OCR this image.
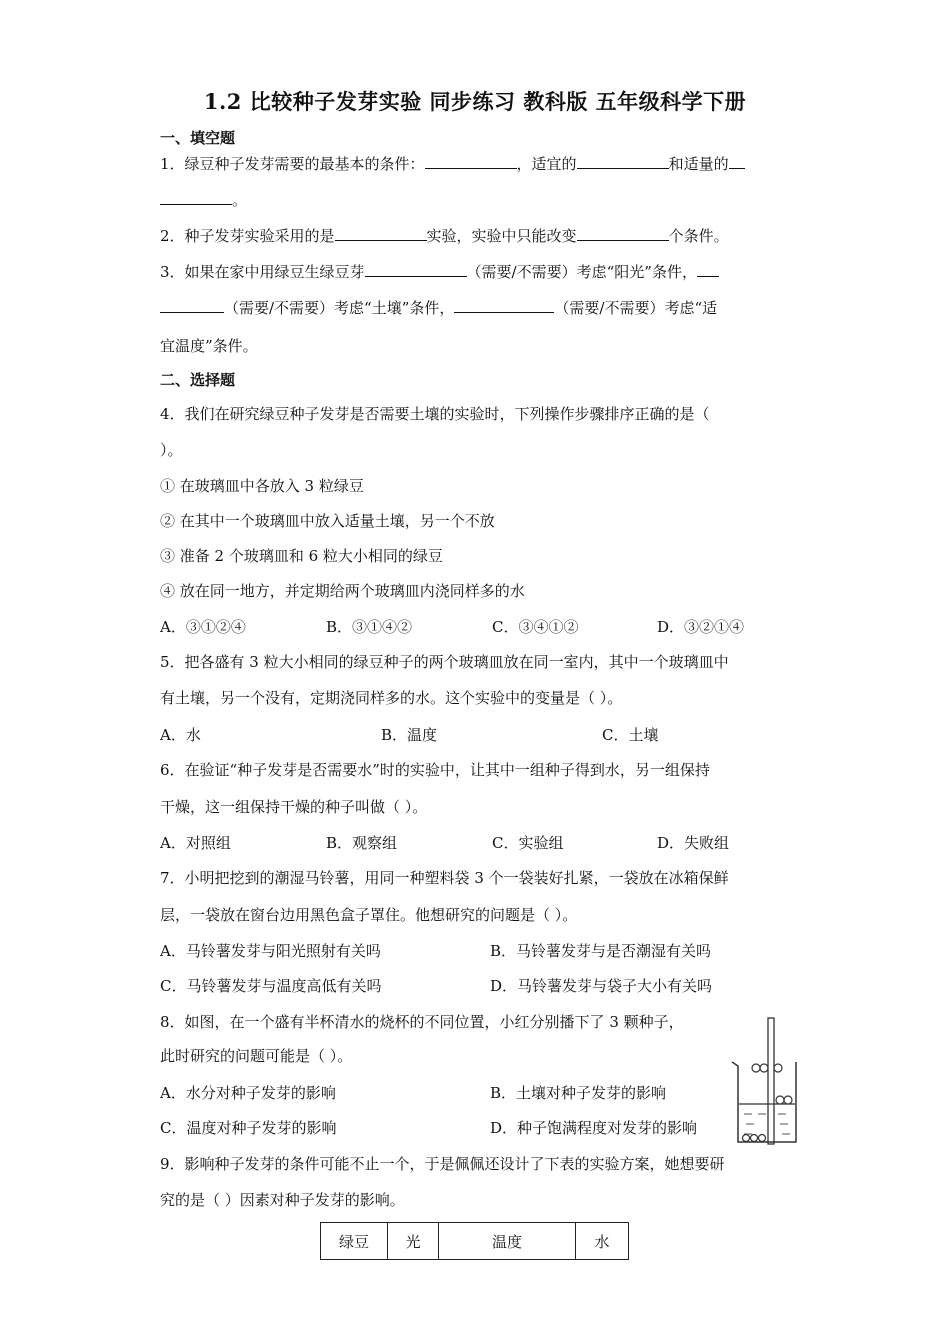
1.2 比较种子发芽实验 同步练习 教科版 五年级科学下册
一、填空题
1．绿豆种子发芽需要的最基本的条件：	，适宜的	和适量的
。
2．种子发芽实验采用的是	实验，实验中只能改变	个条件。
3．如果在家中用绿豆生绿豆芽	（需要/不需要）考虑“阳光”条件，
（需要/不需要）考虑“土壤”条件，	（需要/不需要）考虑“适
宜温度”条件。
二、选择题
4．我们在研究绿豆种子发芽是否需要土壤的实验时，下列操作步骤排序正确的是（
）。
① 在玻璃皿中各放入 3 粒绿豆
② 在其中一个玻璃皿中放入适量土壤，另一个不放
③ 准备 2 个玻璃皿和 6 粒大小相同的绿豆
④ 放在同一地方，并定期给两个玻璃皿内浇同样多的水
A．③①②④	B．③①④②	C．③④①②	D．③②①④
5．把各盛有 3 粒大小相同的绿豆种子的两个玻璃皿放在同一室内，其中一个玻璃皿中
有土壤，另一个没有，定期浇同样多的水。这个实验中的变量是（ ）。
A．水	B．温度	C．土壤
6．在验证“种子发芽是否需要水”时的实验中，让其中一组种子得到水，另一组保持
干燥，这一组保持干燥的种子叫做（ ）。
A．对照组	B．观察组	C．实验组	D．失败组
7．小明把挖到的潮湿马铃薯，用同一种塑料袋 3 个一袋装好扎紧，一袋放在冰箱保鲜
层，一袋放在窗台边用黑色盒子罩住。他想研究的问题是（ ）。
A．马铃薯发芽与阳光照射有关吗	B．马铃薯发芽与是否潮湿有关吗
C．马铃薯发芽与温度高低有关吗	D．马铃薯发芽与袋子大小有关吗
8．如图，在一个盛有半杯清水的烧杯的不同位置，小红分别播下了 3 颗种子，
此时研究的问题可能是（ ）。
A．水分对种子发芽的影响	B．土壤对种子发芽的影响
C．温度对种子发芽的影响	D．种子饱满程度对发芽的影响
9．影响种子发芽的条件可能不止一个，于是佩佩还设计了下表的实验方案，她想要研
究的是（ ）因素对种子发芽的影响。
绿豆	光	温度	水
